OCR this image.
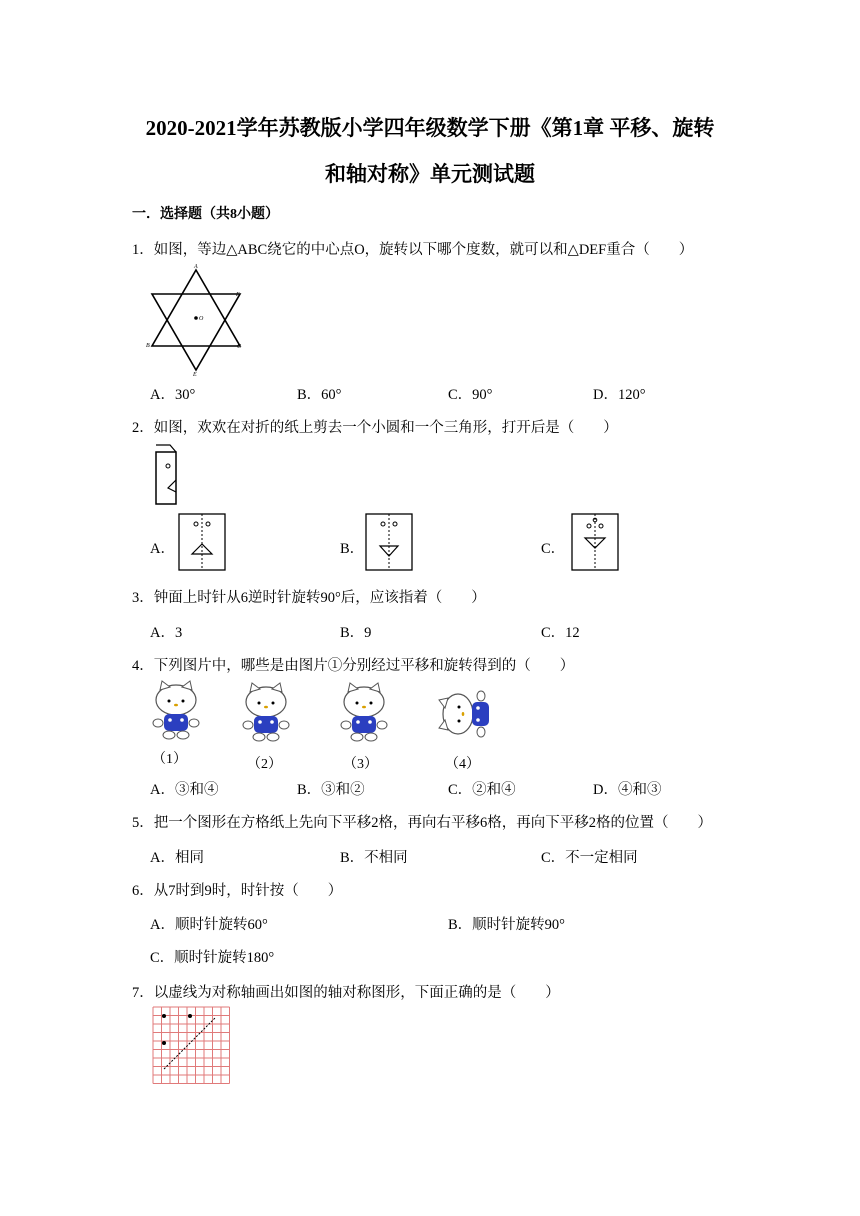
2020-2021学年苏教版小学四年级数学下册《第1章 平移、旋转
和轴对称》单元测试题
一．选择题（共8小题）
1．如图，等边△ABC绕它的中心点O，旋转以下哪个度数，就可以和△DEF重合（　　）
A
F
B	C
E
O
A．30°	B．60°	C．90°	D．120°
2．如图，欢欢在对折的纸上剪去一个小圆和一个三角形，打开后是（　　）
A．	B．	C．
3．钟面上时针从6逆时针旋转90°后，应该指着（　　）
A．3	B．9	C．12
4．下列图片中，哪些是由图片①分别经过平移和旋转得到的（　　）
（1）	（2）	（3）	（4）
A．③和④	B．③和②	C．②和④	D．④和③
5．把一个图形在方格纸上先向下平移2格，再向右平移6格，再向下平移2格的位置（　　）
A．相同	B．不相同	C．不一定相同
6．从7时到9时，时针按（　　）
A．顺时针旋转60°	B．顺时针旋转90°
C．顺时针旋转180°
7．以虚线为对称轴画出如图的轴对称图形，下面正确的是（　　）
